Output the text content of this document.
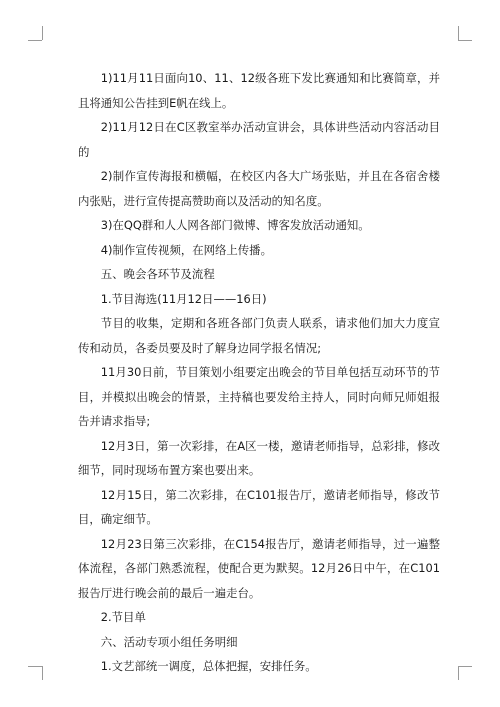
1)11月11日面向10、11、12级各班下发比赛通知和比赛简章，并且将通知公告挂到E帆在线上。

2)11月12日在C区教室举办活动宣讲会，具体讲些活动内容活动目的

2)制作宣传海报和横幅，在校区内各大广场张贴，并且在各宿舍楼内张贴，进行宣传提高赞助商以及活动的知名度。

3)在QQ群和人人网各部门微博、博客发放活动通知。

4)制作宣传视频，在网络上传播。

五、晚会各环节及流程

1.节目海选(11月12日——16日)

节目的收集，定期和各班各部门负责人联系，请求他们加大力度宣传和动员，各委员要及时了解身边同学报名情况;

11月30日前，节目策划小组要定出晚会的节目单包括互动环节的节目，并模拟出晚会的情景，主持稿也要发给主持人，同时向师兄师姐报告并请求指导;

12月3日，第一次彩排，在A区一楼，邀请老师指导，总彩排，修改细节，同时现场布置方案也要出来。

12月15日，第二次彩排，在C101报告厅，邀请老师指导，修改节目，确定细节。

12月23日第三次彩排，在C154报告厅，邀请老师指导，过一遍整体流程，各部门熟悉流程，使配合更为默契。12月26日中午，在C101报告厅进行晚会前的最后一遍走台。

2.节目单

六、活动专项小组任务明细

1.文艺部统一调度，总体把握，安排任务。
